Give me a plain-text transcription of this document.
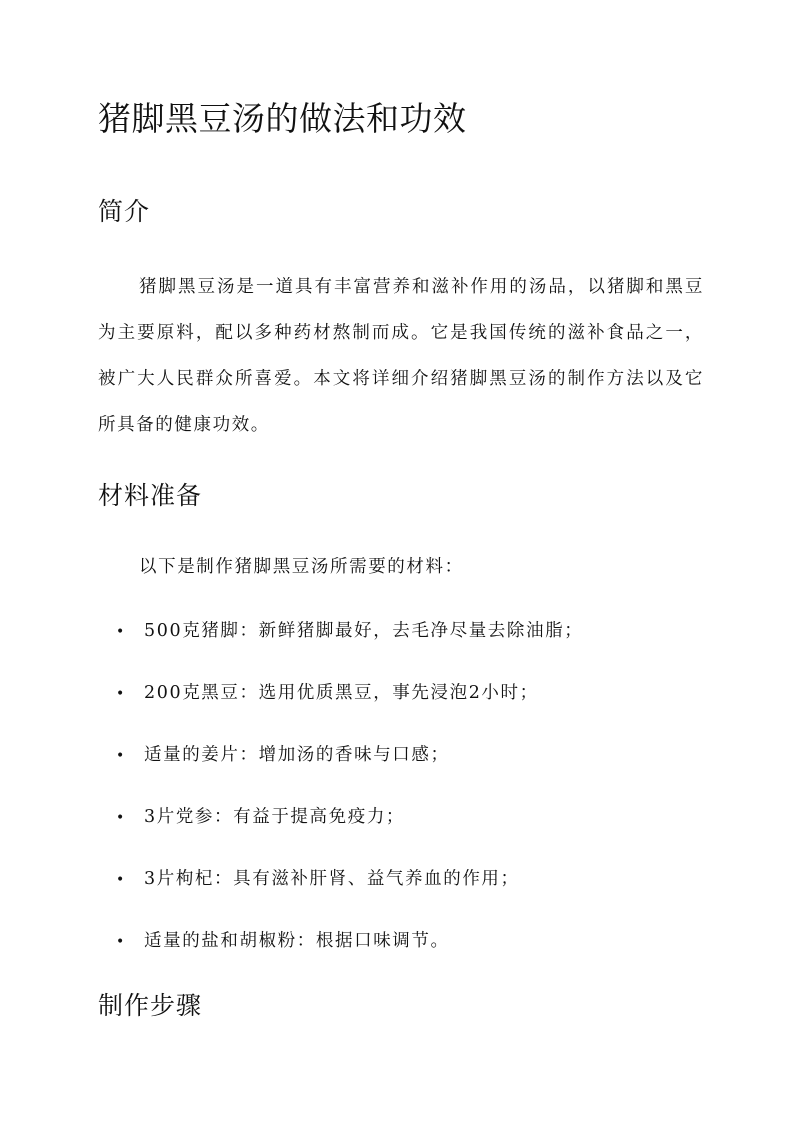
猪脚黑豆汤的做法和功效
简介

猪脚黑豆汤是一道具有丰富营养和滋补作用的汤品，以猪脚和黑豆为主要原料，配以多种药材熬制而成。它是我国传统的滋补食品之一，被广大人民群众所喜爱。本文将详细介绍猪脚黑豆汤的制作方法以及它所具备的健康功效。

材料准备

以下是制作猪脚黑豆汤所需要的材料：

• 500克猪脚：新鲜猪脚最好，去毛净尽量去除油脂；
• 200克黑豆：选用优质黑豆，事先浸泡2小时；
• 适量的姜片：增加汤的香味与口感；
• 3片党参：有益于提高免疫力；
• 3片枸杞：具有滋补肝肾、益气养血的作用；
• 适量的盐和胡椒粉：根据口味调节。
制作步骤
